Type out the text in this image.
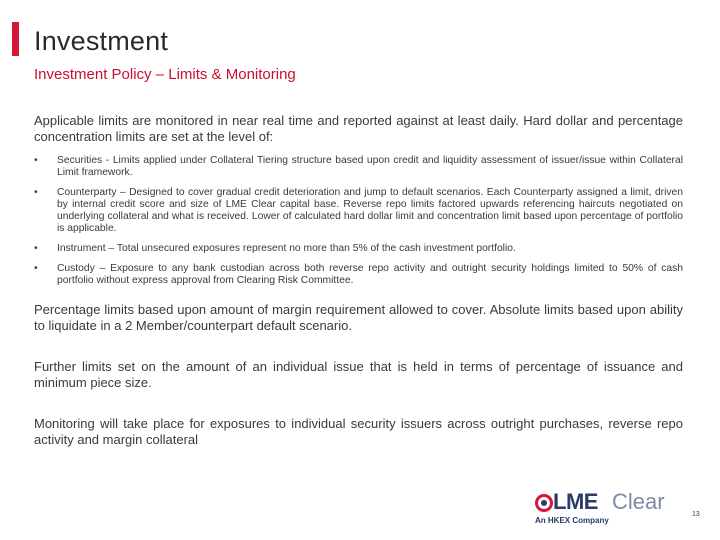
Investment
Investment Policy – Limits & Monitoring

Applicable limits are monitored in near real time and reported against at least daily. Hard dollar and percentage concentration limits are set at the level of:

• Securities - Limits applied under Collateral Tiering structure based upon credit and liquidity assessment of issuer/issue within Collateral Limit framework.
• Counterparty – Designed to cover gradual credit deterioration and jump to default scenarios. Each Counterparty assigned a limit, driven by internal credit score and size of LME Clear capital base. Reverse repo limits factored upwards referencing haircuts negotiated on underlying collateral and what is received. Lower of calculated hard dollar limit and concentration limit based upon percentage of portfolio is applicable.
• Instrument – Total unsecured exposures represent no more than 5% of the cash investment portfolio.
• Custody – Exposure to any bank custodian across both reverse repo activity and outright security holdings limited to 50% of cash portfolio without express approval from Clearing Risk Committee.

Percentage limits based upon amount of margin requirement allowed to cover. Absolute limits based upon ability to liquidate in a 2 Member/counterpart default scenario.

Further limits set on the amount of an individual issue that is held in terms of percentage of issuance and minimum piece size.

Monitoring will take place for exposures to individual security issuers across outright purchases, reverse repo activity and margin collateral

LME Clear
An HKEX Company
13
